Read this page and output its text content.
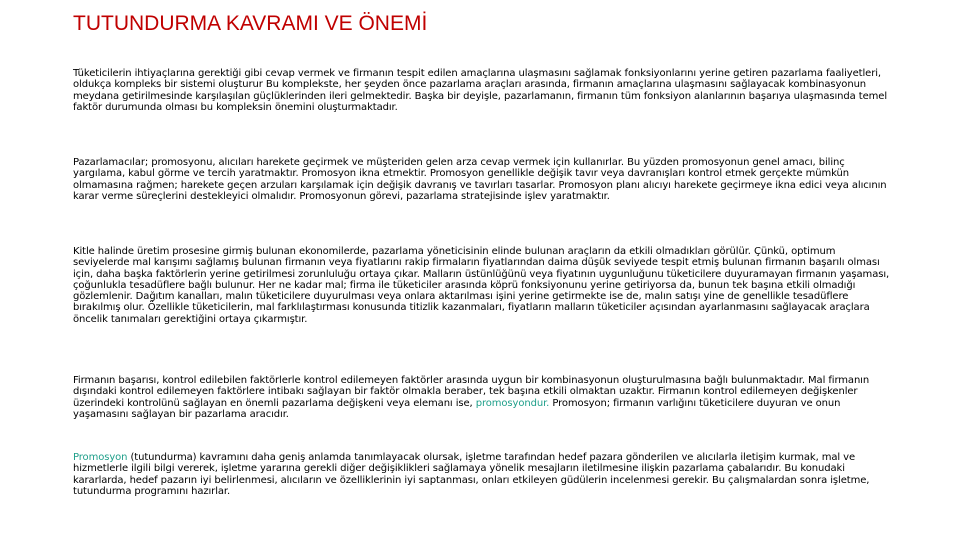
TUTUNDURMA KAVRAMI VE ÖNEMİ

Tüketicilerin ihtiyaçlarına gerektiği gibi cevap vermek ve firmanın tespit edilen amaçlarına ulaşmasını sağlamak fonksiyonlarını yerine getiren pazarlama faaliyetleri, oldukça kompleks bir sistemi oluşturur Bu komplekste, her şeyden önce pazarlama araçları arasında, firmanın amaçlarına ulaşmasını sağlayacak kombinasyonun meydana getirilmesinde karşılaşılan güçlüklerinden ileri gelmektedir. Başka bir deyişle, pazarlamanın, firmanın tüm fonksiyon alanlarının başarıya ulaşmasında temel faktör durumunda olması bu kompleksin önemini oluşturmaktadır.

Pazarlamacılar; promosyonu, alıcıları harekete geçirmek ve müşteriden gelen arza cevap vermek için kullanırlar. Bu yüzden promosyonun genel amacı, bilinç yargılama, kabul görme ve tercih yaratmaktır. Promosyon ikna etmektir. Promosyon genellikle değişik tavır veya davranışları kontrol etmek gerçekte mümkün olmamasına rağmen; harekete geçen arzuları karşılamak için değişik davranış ve tavırları tasarlar. Promosyon planı alıcıyı harekete geçirmeye ikna edici veya alıcının karar verme süreçlerini destekleyici olmalıdır. Promosyonun görevi, pazarlama stratejisinde işlev yaratmaktır.

Kitle halinde üretim prosesine girmiş bulunan ekonomilerde, pazarlama yöneticisinin elinde bulunan araçların da etkili olmadıkları görülür. Çünkü, optimum seviyelerde mal karışımı sağlamış bulunan firmanın veya fiyatlarını rakip firmaların fiyatlarından daima düşük seviyede tespit etmiş bulunan firmanın başarılı olması için, daha başka faktörlerin yerine getirilmesi zorunluluğu ortaya çıkar. Malların üstünlüğünü veya fiyatının uygunluğunu tüketicilere duyuramayan firmanın yaşaması, çoğunlukla tesadüflere bağlı bulunur. Her ne kadar mal; firma ile tüketiciler arasında köprü fonksiyonunu yerine getiriyorsa da, bunun tek başına etkili olmadığı gözlemlenir. Dağıtım kanalları, malın tüketicilere duyurulması veya onlara aktarılması işini yerine getirmekte ise de, malın satışı yine de genellikle tesadüflere bırakılmış olur. Özellikle tüketicilerin, mal farklılaştırması konusunda titizlik kazanmaları, fiyatların malların tüketiciler açısından ayarlanmasını sağlayacak araçlara öncelik tanımaları gerektiğini ortaya çıkarmıştır.

Firmanın başarısı, kontrol edilebilen faktörlerle kontrol edilemeyen faktörler arasında uygun bir kombinasyonun oluşturulmasına bağlı bulunmaktadır. Mal firmanın dışındaki kontrol edilemeyen faktörlere intibakı sağlayan bir faktör olmakla beraber, tek başına etkili olmaktan uzaktır. Firmanın kontrol edilemeyen değişkenler üzerindeki kontrolünü sağlayan en önemli pazarlama değişkeni veya elemanı ise, promosyondur. Promosyon; firmanın varlığını tüketicilere duyuran ve onun yaşamasını sağlayan bir pazarlama aracıdır.

Promosyon (tutundurma) kavramını daha geniş anlamda tanımlayacak olursak, işletme tarafından hedef pazara gönderilen ve alıcılarla iletişim kurmak, mal ve hizmetlerle ilgili bilgi vererek, işletme yararına gerekli diğer değişiklikleri sağlamaya yönelik mesajların iletilmesine ilişkin pazarlama çabalarıdır. Bu konudaki kararlarda, hedef pazarın iyi belirlenmesi, alıcıların ve özelliklerinin iyi saptanması, onları etkileyen güdülerin incelenmesi gerekir. Bu çalışmalardan sonra işletme, tutundurma programını hazırlar.
